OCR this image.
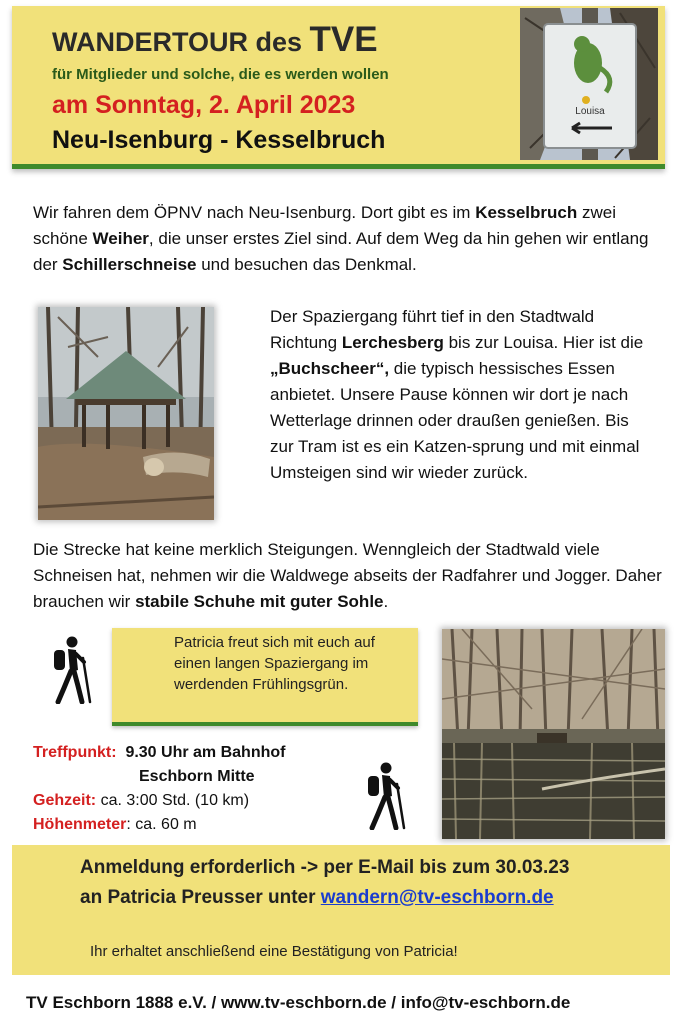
WANDERTOUR des TVE
für Mitglieder und solche, die es werden wollen
am Sonntag, 2. April 2023
Neu-Isenburg - Kesselbruch
Louisa
Wir fahren dem ÖPNV nach Neu-Isenburg. Dort gibt es im Kesselbruch zwei schöne Weiher, die unser erstes Ziel sind. Auf dem Weg da hin gehen wir entlang der Schillerschneise und besuchen das Denkmal.
Der Spaziergang führt tief in den Stadtwald Richtung Lerchesberg bis zur Louisa. Hier ist die „Buchscheer“, die typisch hessisches Essen anbietet. Unsere Pause können wir dort je nach Wetterlage drinnen oder draußen genießen. Bis zur Tram ist es ein Katzen-sprung und mit einmal Umsteigen sind wir wieder zurück.
Die Strecke hat keine merklich Steigungen. Wenngleich der Stadtwald viele Schneisen hat, nehmen wir die Waldwege abseits der Radfahrer und Jogger. Daher brauchen wir stabile Schuhe mit guter Sohle.
Patricia freut sich mit euch auf einen langen Spaziergang im werdenden Frühlingsgrün.
Treffpunkt: 9.30 Uhr am Bahnhof
Eschborn Mitte
Gehzeit: ca. 3:00 Std. (10 km)
Höhenmeter: ca. 60 m
Anmeldung erforderlich -> per E-Mail bis zum 30.03.23
an Patricia Preusser unter wandern@tv-eschborn.de
Ihr erhaltet anschließend eine Bestätigung von Patricia!
TV Eschborn 1888 e.V. / www.tv-eschborn.de / info@tv-eschborn.de
